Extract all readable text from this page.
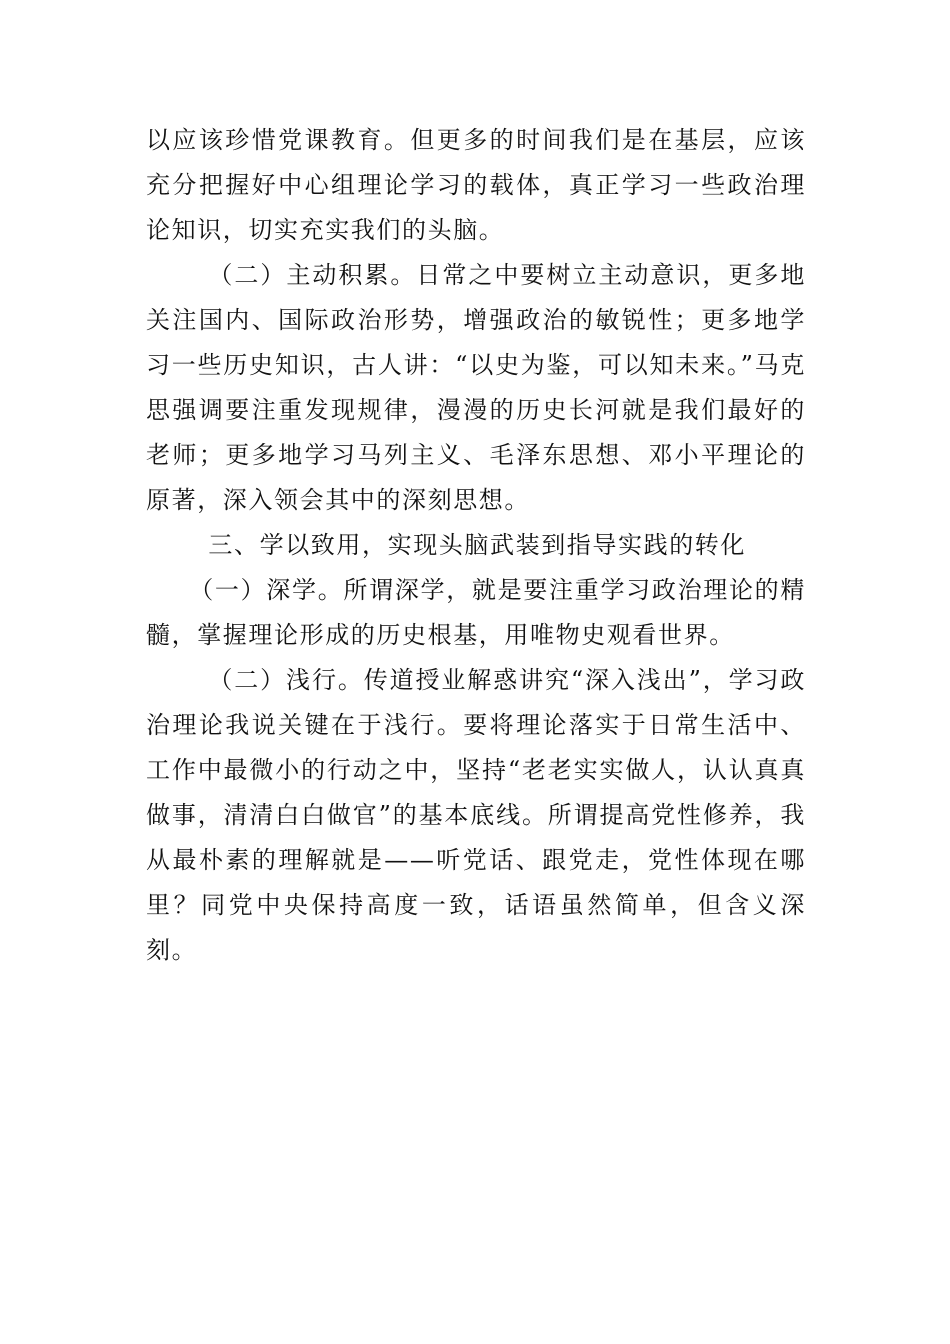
以应该珍惜党课教育。但更多的时间我们是在基层，应该充分把握好中心组理论学习的载体，真正学习一些政治理论知识，切实充实我们的头脑。

（二）主动积累。日常之中要树立主动意识，更多地关注国内、国际政治形势，增强政治的敏锐性；更多地学习一些历史知识，古人讲：“以史为鉴，可以知未来。”马克思强调要注重发现规律，漫漫的历史长河就是我们最好的老师；更多地学习马列主义、毛泽东思想、邓小平理论的原著，深入领会其中的深刻思想。

三、学以致用，实现头脑武装到指导实践的转化

（一）深学。所谓深学，就是要注重学习政治理论的精髓，掌握理论形成的历史根基，用唯物史观看世界。

（二）浅行。传道授业解惑讲究“深入浅出”，学习政治理论我说关键在于浅行。要将理论落实于日常生活中、工作中最微小的行动之中，坚持“老老实实做人，认认真真做事，清清白白做官”的基本底线。所谓提高党性修养，我从最朴素的理解就是——听党话、跟党走，党性体现在哪里？同党中央保持高度一致，话语虽然简单，但含义深刻。
